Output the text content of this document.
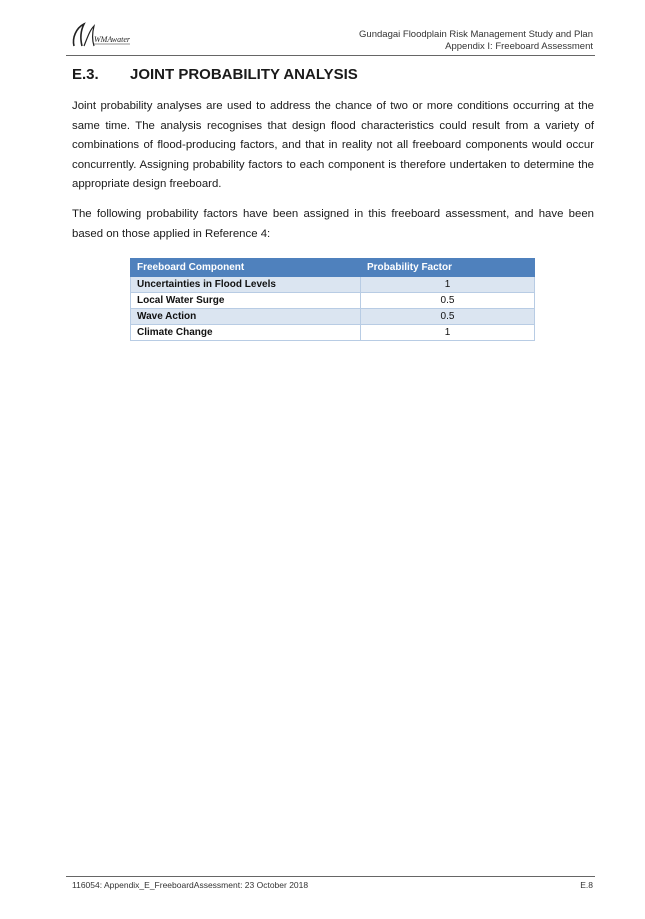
WMAwater	Gundagai Floodplain Risk Management Study and Plan
Appendix I: Freeboard Assessment
E.3. JOINT PROBABILITY ANALYSIS
Joint probability analyses are used to address the chance of two or more conditions occurring at the same time. The analysis recognises that design flood characteristics could result from a variety of combinations of flood-producing factors, and that in reality not all freeboard components would occur concurrently. Assigning probability factors to each component is therefore undertaken to determine the appropriate design freeboard.
The following probability factors have been assigned in this freeboard assessment, and have been based on those applied in Reference 4:
Freeboard Component	Probability Factor
Uncertainties in Flood Levels	1
Local Water Surge	0.5
Wave Action	0.5
Climate Change	1
116054: Appendix_E_FreeboardAssessment: 23 October 2018	E.8
